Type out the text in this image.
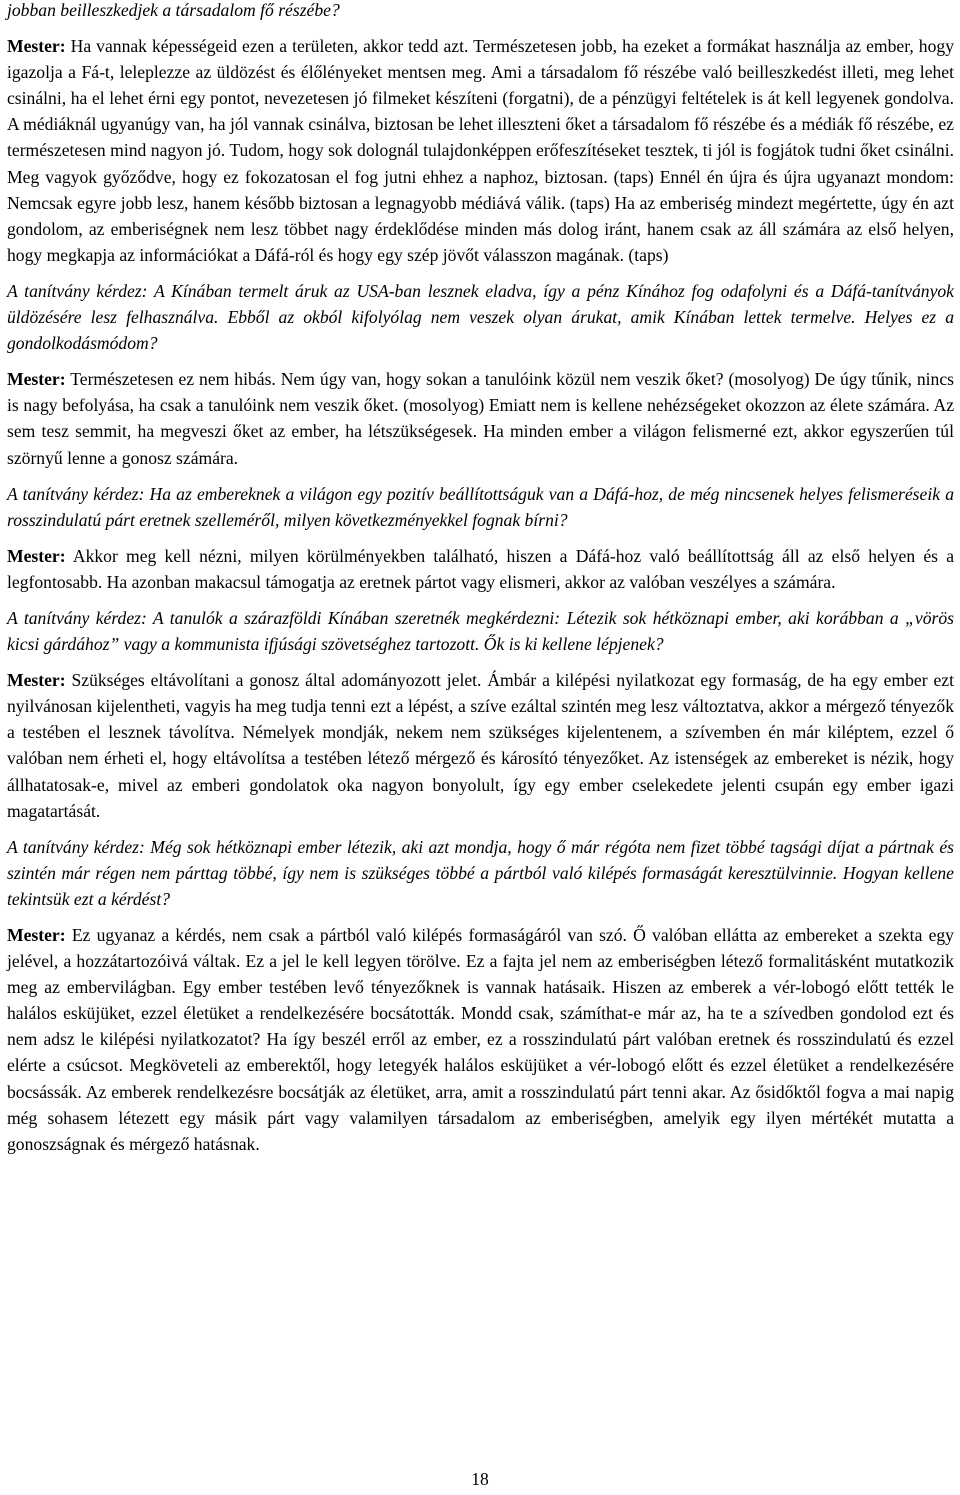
jobban beilleszkedjek a társadalom fő részébe?

Mester: Ha vannak képességeid ezen a területen, akkor tedd azt. Természetesen jobb, ha ezeket a formákat használja az ember, hogy igazolja a Fá-t, leleplezze az üldözést és élőlényeket mentsen meg. Ami a társadalom fő részébe való beilleszkedést illeti, meg lehet csinálni, ha el lehet érni egy pontot, nevezetesen jó filmeket készíteni (forgatni), de a pénzügyi feltételek is át kell legyenek gondolva. A médiáknál ugyanúgy van, ha jól vannak csinálva, biztosan be lehet illeszteni őket a társadalom fő részébe és a médiák fő részébe, ez természetesen mind nagyon jó. Tudom, hogy sok dolognál tulajdonképpen erőfeszítéseket tesztek, ti jól is fogjátok tudni őket csinálni. Meg vagyok győződve, hogy ez fokozatosan el fog jutni ehhez a naphoz, biztosan. (taps) Ennél én újra és újra ugyanazt mondom: Nemcsak egyre jobb lesz, hanem később biztosan a legnagyobb médiává válik. (taps) Ha az emberiség mindezt megértette, úgy én azt gondolom, az emberiségnek nem lesz többet nagy érdeklődése minden más dolog iránt, hanem csak az áll számára az első helyen, hogy megkapja az információkat a Dáfá-ról és hogy egy szép jövőt válasszon magának. (taps)

A tanítvány kérdez: A Kínában termelt áruk az USA-ban lesznek eladva, így a pénz Kínához fog odafolyni és a Dáfá-tanítványok üldözésére lesz felhasználva. Ebből az okból kifolyólag nem veszek olyan árukat, amik Kínában lettek termelve. Helyes ez a gondolkodásmódom?

Mester: Természetesen ez nem hibás. Nem úgy van, hogy sokan a tanulóink közül nem veszik őket? (mosolyog) De úgy tűnik, nincs is nagy befolyása, ha csak a tanulóink nem veszik őket. (mosolyog) Emiatt nem is kellene nehézségeket okozzon az élete számára. Az sem tesz semmit, ha megveszi őket az ember, ha létszükségesek. Ha minden ember a világon felismerné ezt, akkor egyszerűen túl szörnyű lenne a gonosz számára.

A tanítvány kérdez: Ha az embereknek a világon egy pozitív beállítottságuk van a Dáfá-hoz, de még nincsenek helyes felismeréseik a rosszindulatú párt eretnek szelleméről, milyen következményekkel fognak bírni?

Mester: Akkor meg kell nézni, milyen körülményekben található, hiszen a Dáfá-hoz való beállítottság áll az első helyen és a legfontosabb. Ha azonban makacsul támogatja az eretnek pártot vagy elismeri, akkor az valóban veszélyes a számára.

A tanítvány kérdez: A tanulók a szárazföldi Kínában szeretnék megkérdezni: Létezik sok hétköznapi ember, aki korábban a „vörös kicsi gárdához” vagy a kommunista ifjúsági szövetséghez tartozott. Ők is ki kellene lépjenek?

Mester: Szükséges eltávolítani a gonosz által adományozott jelet. Ámbár a kilépési nyilatkozat egy formaság, de ha egy ember ezt nyilvánosan kijelentheti, vagyis ha meg tudja tenni ezt a lépést, a szíve ezáltal szintén meg lesz változtatva, akkor a mérgező tényezők a testében el lesznek távolítva. Némelyek mondják, nekem nem szükséges kijelentenem, a szívemben én már kiléptem, ezzel ő valóban nem érheti el, hogy eltávolítsa a testében létező mérgező és károsító tényezőket. Az istenségek az embereket is nézik, hogy állhatatosak-e, mivel az emberi gondolatok oka nagyon bonyolult, így egy ember cselekedete jelenti csupán egy ember igazi magatartását.

A tanítvány kérdez: Még sok hétköznapi ember létezik, aki azt mondja, hogy ő már régóta nem fizet többé tagsági díjat a pártnak és szintén már régen nem párttag többé, így nem is szükséges többé a pártból való kilépés formaságát keresztülvinnie. Hogyan kellene tekintsük ezt a kérdést?

Mester: Ez ugyanaz a kérdés, nem csak a pártból való kilépés formaságáról van szó. Ő valóban ellátta az embereket a szekta egy jelével, a hozzátartozóivá váltak. Ez a jel le kell legyen törölve. Ez a fajta jel nem az emberiségben létező formalitásként mutatkozik meg az embervilágban. Egy ember testében levő tényezőknek is vannak hatásaik. Hiszen az emberek a vér-lobogó előtt tették le halálos esküjüket, ezzel életüket a rendelkezésére bocsátották. Mondd csak, számíthat-e már az, ha te a szívedben gondolod ezt és nem adsz le kilépési nyilatkozatot? Ha így beszél erről az ember, ez a rosszindulatú párt valóban eretnek és rosszindulatú és ezzel elérte a csúcsot. Megköveteli az emberektől, hogy letegyék halálos esküjüket a vér-lobogó előtt és ezzel életüket a rendelkezésére bocsássák. Az emberek rendelkezésre bocsátják az életüket, arra, amit a rosszindulatú párt tenni akar. Az ősidőktől fogva a mai napig még sohasem létezett egy másik párt vagy valamilyen társadalom az emberiségben, amelyik egy ilyen mértékét mutatta a gonoszságnak és mérgező hatásnak.

18
